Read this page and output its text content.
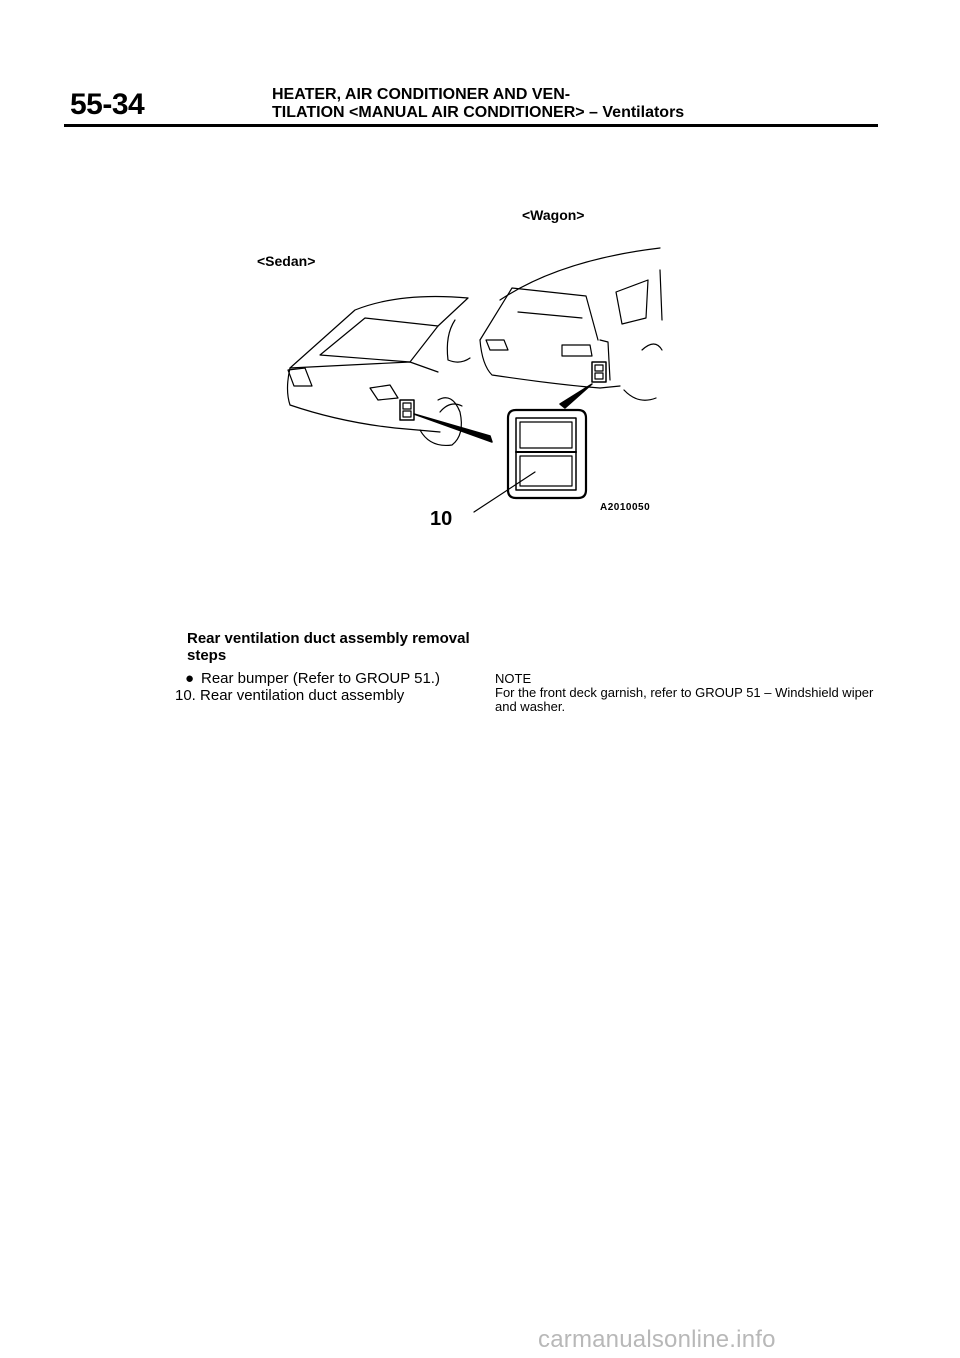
55-34	HEATER, AIR CONDITIONER AND VEN-
TILATION <MANUAL AIR CONDITIONER> – Ventilators
<Wagon>
<Sedan>
10
A2010050
Rear ventilation duct assembly removal steps
● Rear bumper (Refer to GROUP 51.)
10. Rear ventilation duct assembly
NOTE
For the front deck garnish, refer to GROUP 51 – Windshield wiper and washer.
carmanualsonline.info
